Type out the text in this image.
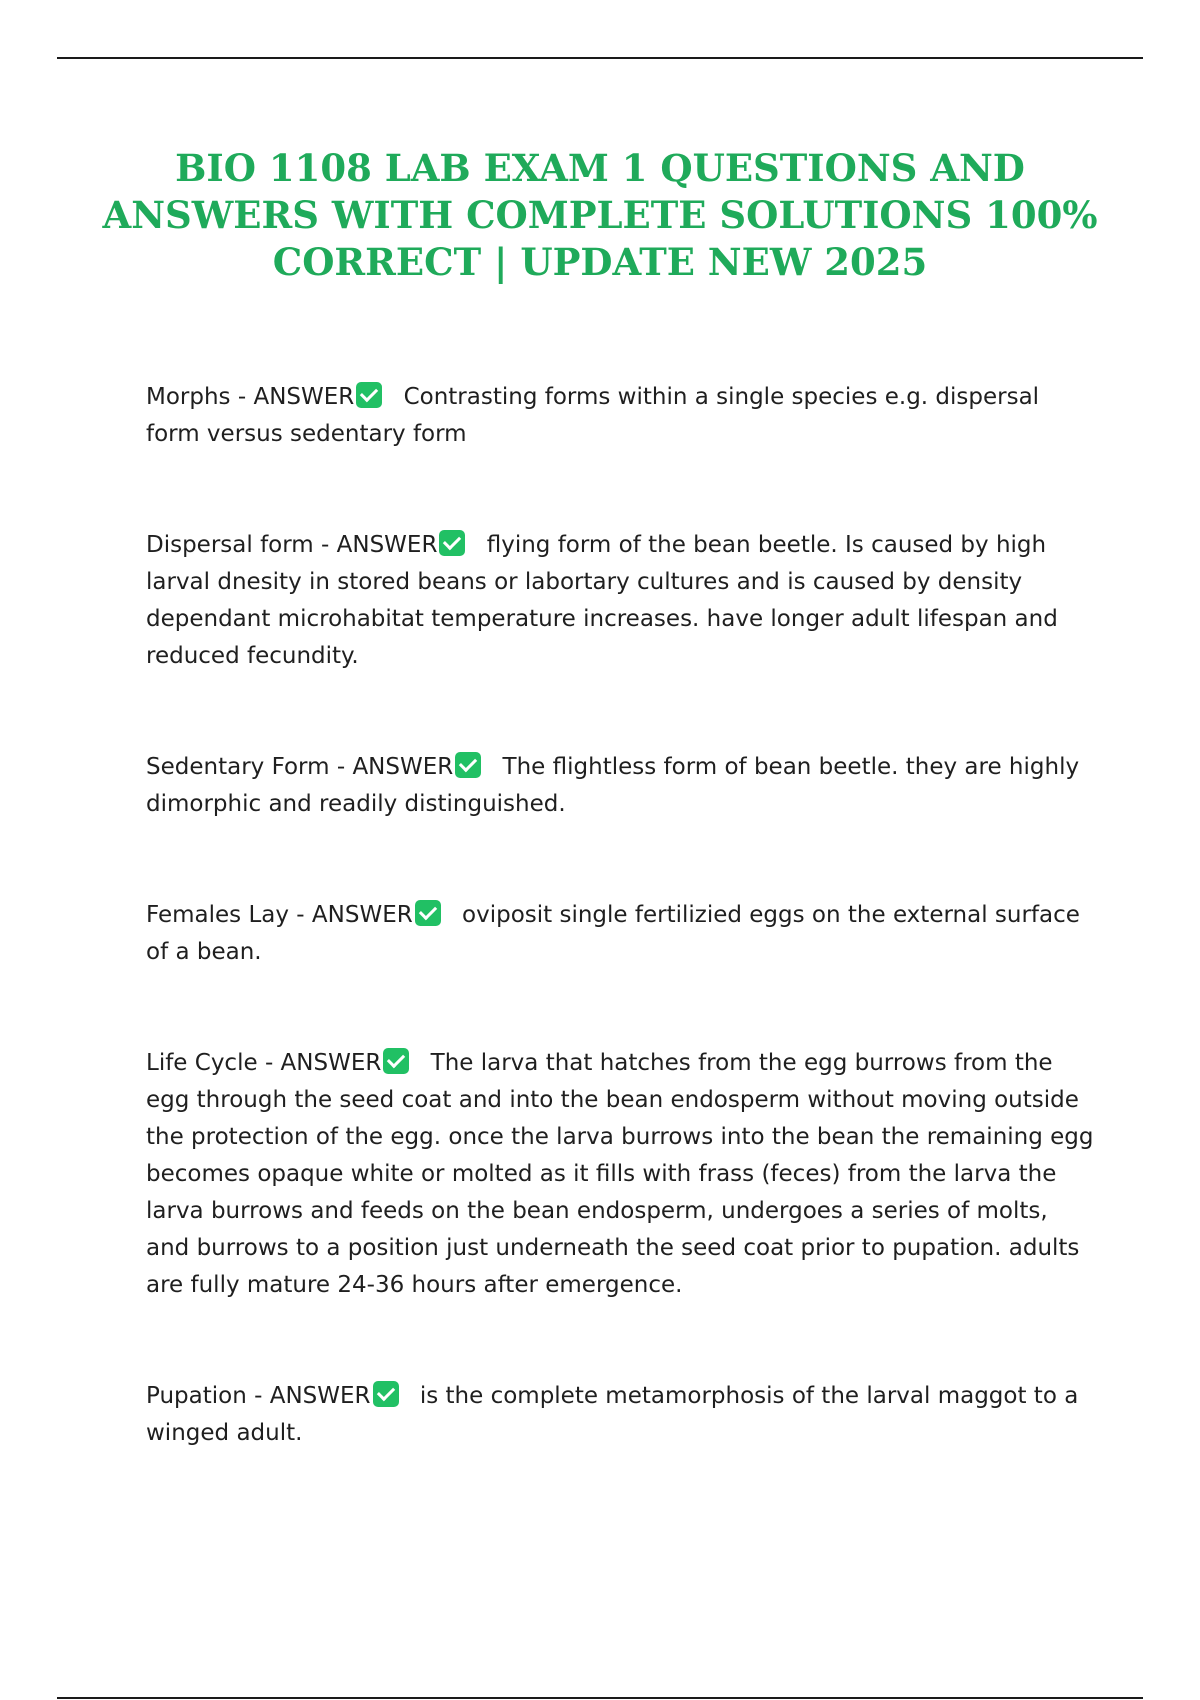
BIO 1108 LAB EXAM 1 QUESTIONS AND ANSWERS WITH COMPLETE SOLUTIONS 100% CORRECT | UPDATE NEW 2025

Morphs - ANSWER Contrasting forms within a single species e.g. dispersal form versus sedentary form

Dispersal form - ANSWER flying form of the bean beetle. Is caused by high larval dnesity in stored beans or labortary cultures and is caused by density dependant microhabitat temperature increases. have longer adult lifespan and reduced fecundity.

Sedentary Form - ANSWER The flightless form of bean beetle. they are highly dimorphic and readily distinguished.

Females Lay - ANSWER oviposit single fertilizied eggs on the external surface of a bean.

Life Cycle - ANSWER The larva that hatches from the egg burrows from the egg through the seed coat and into the bean endosperm without moving outside the protection of the egg. once the larva burrows into the bean the remaining egg becomes opaque white or molted as it fills with frass (feces) from the larva the larva burrows and feeds on the bean endosperm, undergoes a series of molts, and burrows to a position just underneath the seed coat prior to pupation. adults are fully mature 24-36 hours after emergence.

Pupation - ANSWER is the complete metamorphosis of the larval maggot to a winged adult.
